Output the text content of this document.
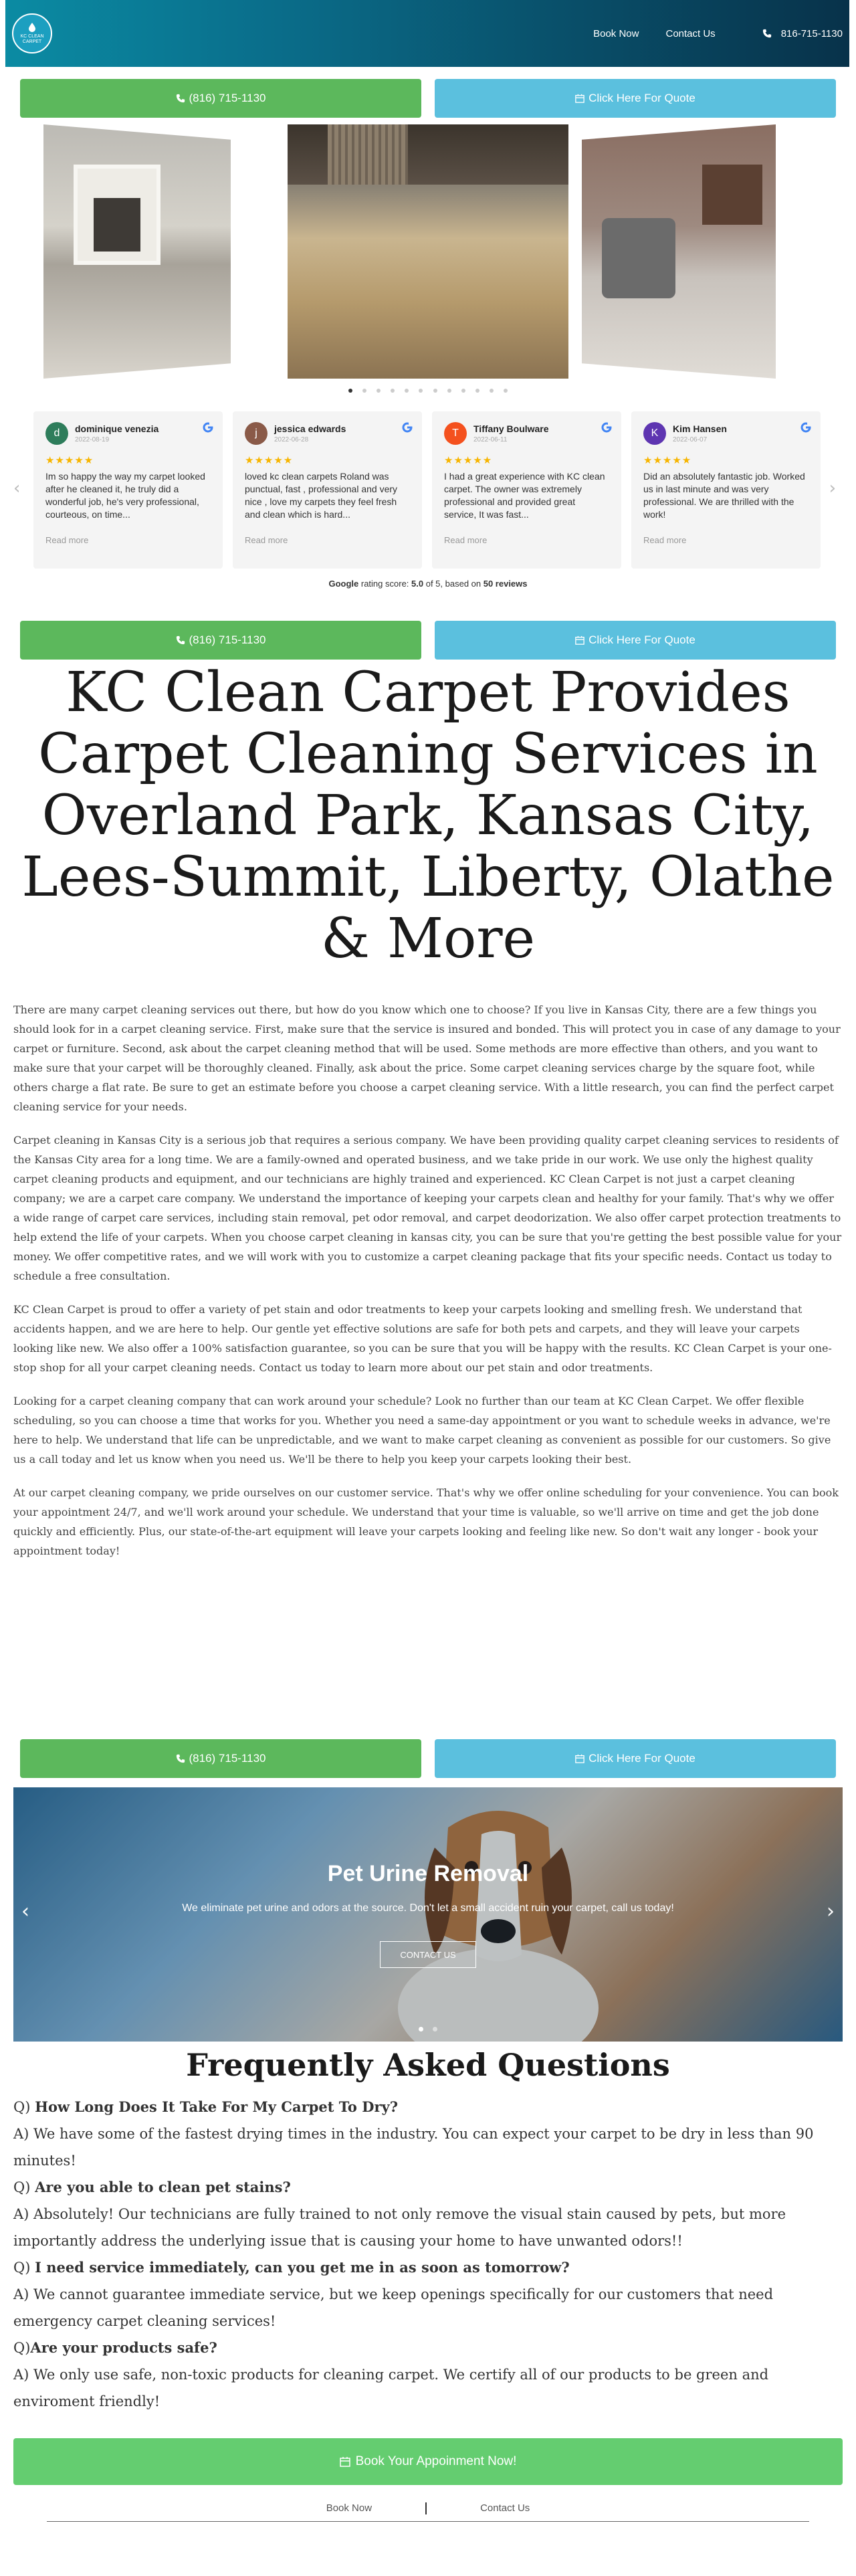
KC CLEAN
CARPET
Book Now	Contact Us	816-715-1130
(816) 715-1130	Click Here For Quote

‹	›
d	dominique venezia
2022-08-19
★★★★★
Im so happy the way my carpet looked after he cleaned it, he truly did a wonderful job, he's very professional, courteous, on time...
Read more
j	jessica edwards
2022-06-28
★★★★★
loved kc clean carpets Roland was punctual, fast , professional and very nice , love my carpets they feel fresh and clean which is hard...
Read more
T	Tiffany Boulware
2022-06-11
★★★★★
I had a great experience with KC clean carpet. The owner was extremely professional and provided great service, It was fast...
Read more
K	Kim Hansen
2022-06-07
★★★★★
Did an absolutely fantastic job. Worked us in last minute and was very professional. We are thrilled with the work!
Read more
Google rating score: 5.0 of 5, based on 50 reviews
(816) 715-1130	Click Here For Quote
KC Clean Carpet Provides Carpet Cleaning Services in Overland Park, Kansas City, Lees-Summit, Liberty, Olathe & More

There are many carpet cleaning services out there, but how do you know which one to choose? If you live in Kansas City, there are a few things you should look for in a carpet cleaning service. First, make sure that the service is insured and bonded. This will protect you in case of any damage to your carpet or furniture. Second, ask about the carpet cleaning method that will be used. Some methods are more effective than others, and you want to make sure that your carpet will be thoroughly cleaned. Finally, ask about the price. Some carpet cleaning services charge by the square foot, while others charge a flat rate. Be sure to get an estimate before you choose a carpet cleaning service. With a little research, you can find the perfect carpet cleaning service for your needs.

Carpet cleaning in Kansas City is a serious job that requires a serious company. We have been providing quality carpet cleaning services to residents of the Kansas City area for a long time. We are a family-owned and operated business, and we take pride in our work. We use only the highest quality carpet cleaning products and equipment, and our technicians are highly trained and experienced. KC Clean Carpet is not just a carpet cleaning company; we are a carpet care company. We understand the importance of keeping your carpets clean and healthy for your family. That's why we offer a wide range of carpet care services, including stain removal, pet odor removal, and carpet deodorization. We also offer carpet protection treatments to help extend the life of your carpets. When you choose carpet cleaning in kansas city, you can be sure that you're getting the best possible value for your money. We offer competitive rates, and we will work with you to customize a carpet cleaning package that fits your specific needs. Contact us today to schedule a free consultation.

KC Clean Carpet is proud to offer a variety of pet stain and odor treatments to keep your carpets looking and smelling fresh. We understand that accidents happen, and we are here to help. Our gentle yet effective solutions are safe for both pets and carpets, and they will leave your carpets looking like new. We also offer a 100% satisfaction guarantee, so you can be sure that you will be happy with the results. KC Clean Carpet is your one-stop shop for all your carpet cleaning needs. Contact us today to learn more about our pet stain and odor treatments.

Looking for a carpet cleaning company that can work around your schedule? Look no further than our team at KC Clean Carpet. We offer flexible scheduling, so you can choose a time that works for you. Whether you need a same-day appointment or you want to schedule weeks in advance, we're here to help. We understand that life can be unpredictable, and we want to make carpet cleaning as convenient as possible for our customers. So give us a call today and let us know when you need us. We'll be there to help you keep your carpets looking their best.

At our carpet cleaning company, we pride ourselves on our customer service. That's why we offer online scheduling for your convenience. You can book your appointment 24/7, and we'll work around your schedule. We understand that your time is valuable, so we'll arrive on time and get the job done quickly and efficiently. Plus, our state-of-the-art equipment will leave your carpets looking and feeling like new. So don't wait any longer - book your appointment today!

(816) 715-1130	Click Here For Quote
Pet Urine Removal
We eliminate pet urine and odors at the source. Don't let a small accident ruin your carpet, call us today!
CONTACT US
‹	›

Frequently Asked Questions
Q) How Long Does It Take For My Carpet To Dry?
A) We have some of the fastest drying times in the industry. You can expect your carpet to be dry in less than 90 minutes!
Q) Are you able to clean pet stains?
A) Absolutely! Our technicians are fully trained to not only remove the visual stain caused by pets, but more importantly address the underlying issue that is causing your home to have unwanted odors!!
Q) I need service immediately, can you get me in as soon as tomorrow?
A) We cannot guarantee immediate service, but we keep openings specifically for our customers that need emergency carpet cleaning services!
Q)Are your products safe?
A) We only use safe, non-toxic products for cleaning carpet. We certify all of our products to be green and enviroment friendly!
Book Your Appoinment Now!
Book Now	Contact Us
